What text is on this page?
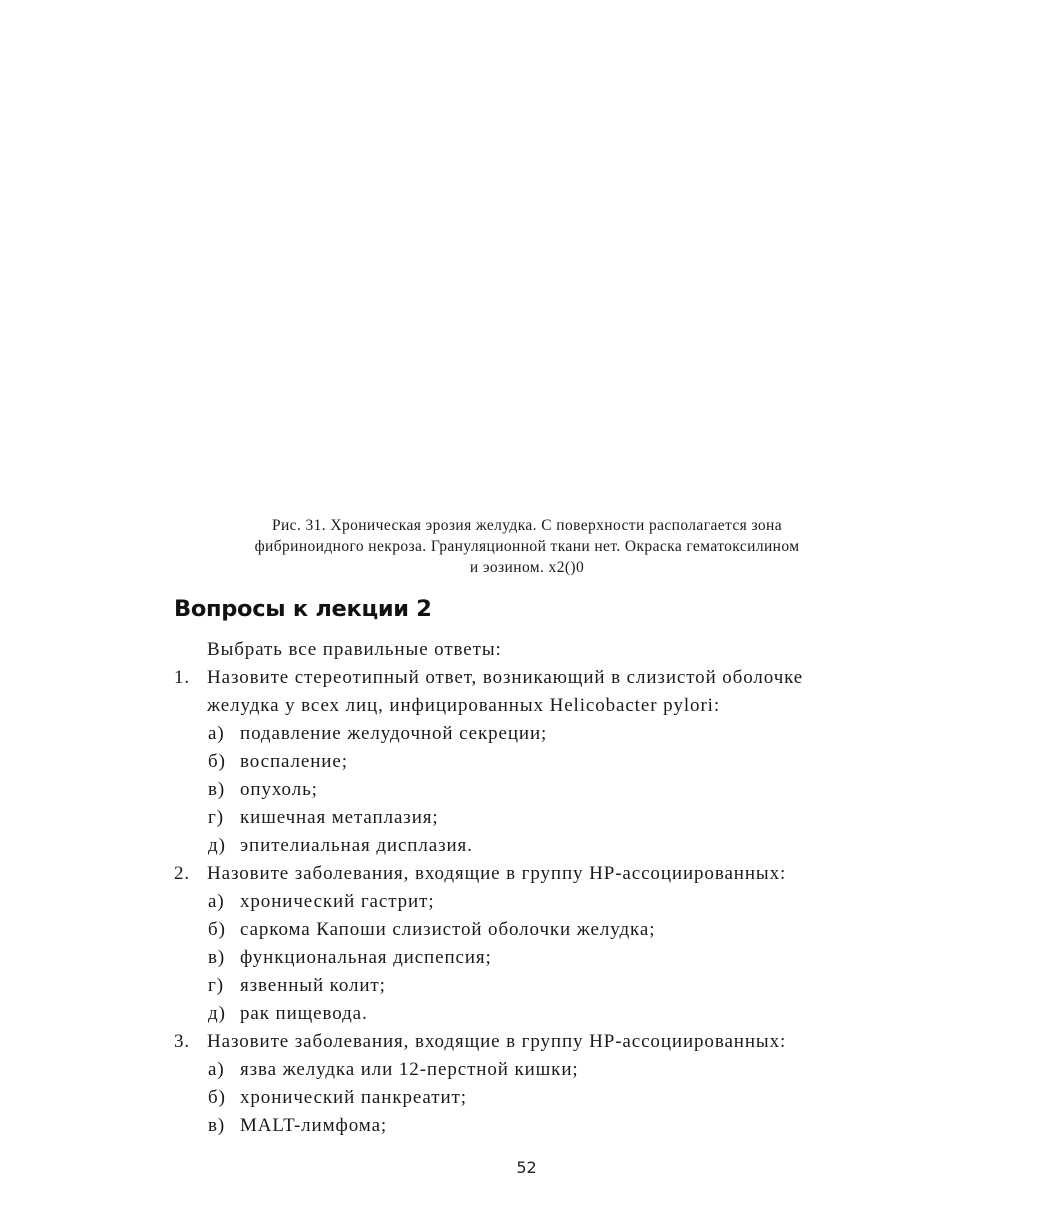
Рис. 31. Хроническая эрозия желудка. С поверхности располагается зона
фибриноидного некроза. Грануляционной ткани нет. Окраска гематоксилином
и эозином. х2()0
Вопросы к лекции 2
Выбрать все правильные ответы:
1. Назовите стереотипный ответ, возникающий в слизистой оболочке
желудка у всех лиц, инфицированных Helicobacter pylori:
а) подавление желудочной секреции;
б) воспаление;
в) опухоль;
г) кишечная метаплазия;
д) эпителиальная дисплазия.
2. Назовите заболевания, входящие в группу НР-ассоциированных:
а) хронический гастрит;
б) саркома Капоши слизистой оболочки желудка;
в) функциональная диспепсия;
г) язвенный колит;
д) рак пищевода.
3. Назовите заболевания, входящие в группу НР-ассоциированных:
а) язва желудка или 12-перстной кишки;
б) хронический панкреатит;
в) MALT-лимфома;
52
